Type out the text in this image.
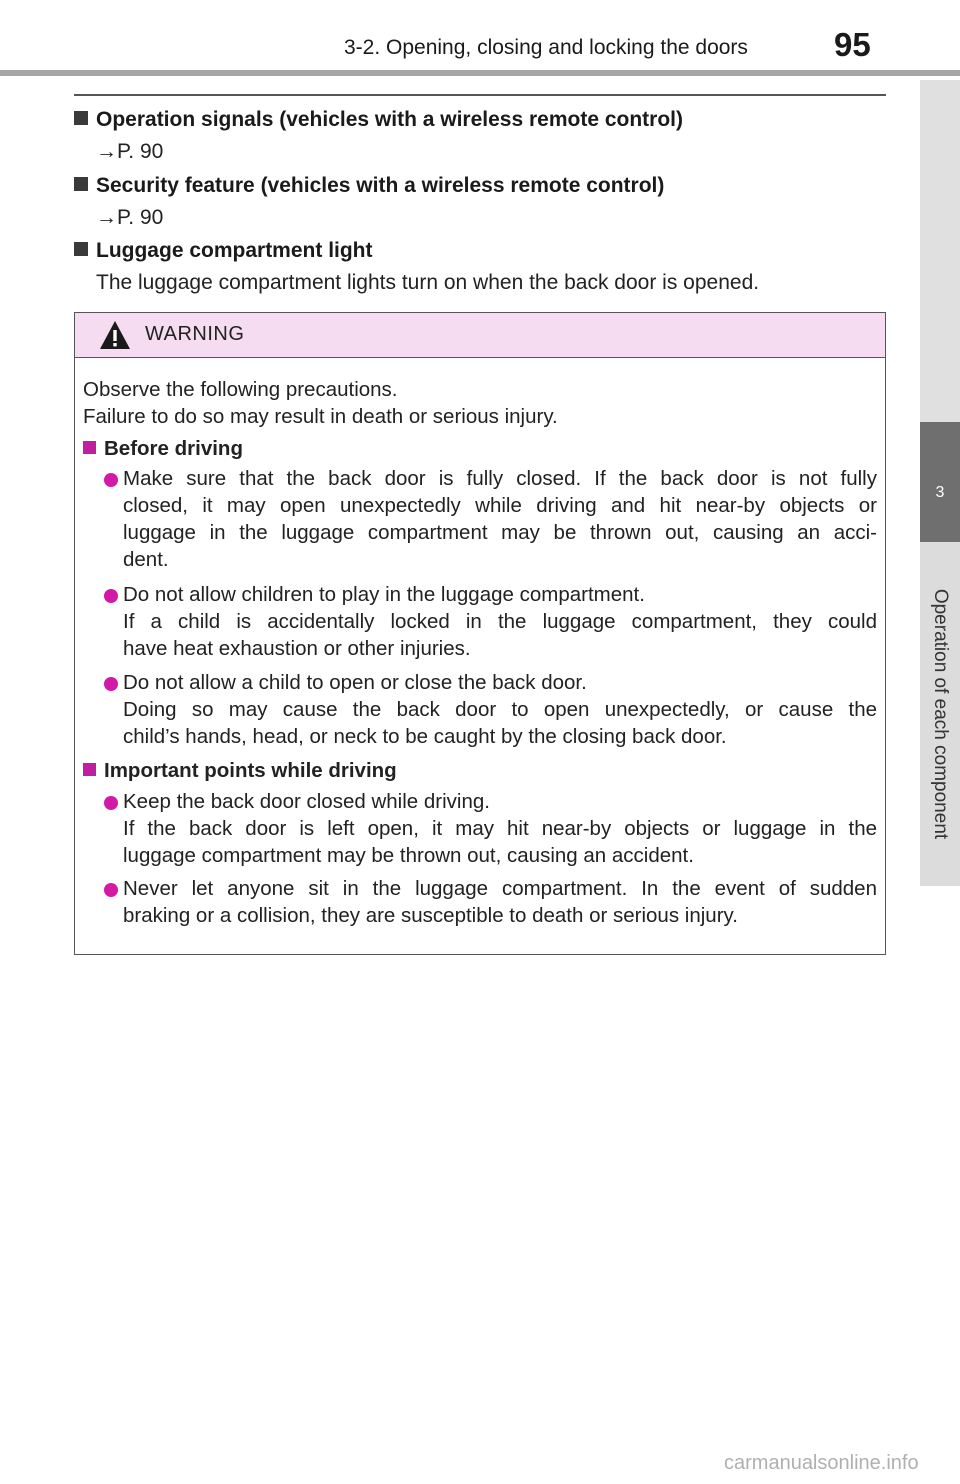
3-2. Opening, closing and locking the doors	95
3
Operation of each component
Operation signals (vehicles with a wireless remote control)
→P. 90
Security feature (vehicles with a wireless remote control)
→P. 90
Luggage compartment light
The luggage compartment lights turn on when the back door is opened.
WARNING
Observe the following precautions.
Failure to do so may result in death or serious injury.
Before driving
Make sure that the back door is fully closed. If the back door is not fully
closed, it may open unexpectedly while driving and hit near-by objects or
luggage in the luggage compartment may be thrown out, causing an acci-
dent.
Do not allow children to play in the luggage compartment.
If a child is accidentally locked in the luggage compartment, they could
have heat exhaustion or other injuries.
Do not allow a child to open or close the back door.
Doing so may cause the back door to open unexpectedly, or cause the
child’s hands, head, or neck to be caught by the closing back door.
Important points while driving
Keep the back door closed while driving.
If the back door is left open, it may hit near-by objects or luggage in the
luggage compartment may be thrown out, causing an accident.
Never let anyone sit in the luggage compartment. In the event of sudden
braking or a collision, they are susceptible to death or serious injury.
carmanualsonline.info
